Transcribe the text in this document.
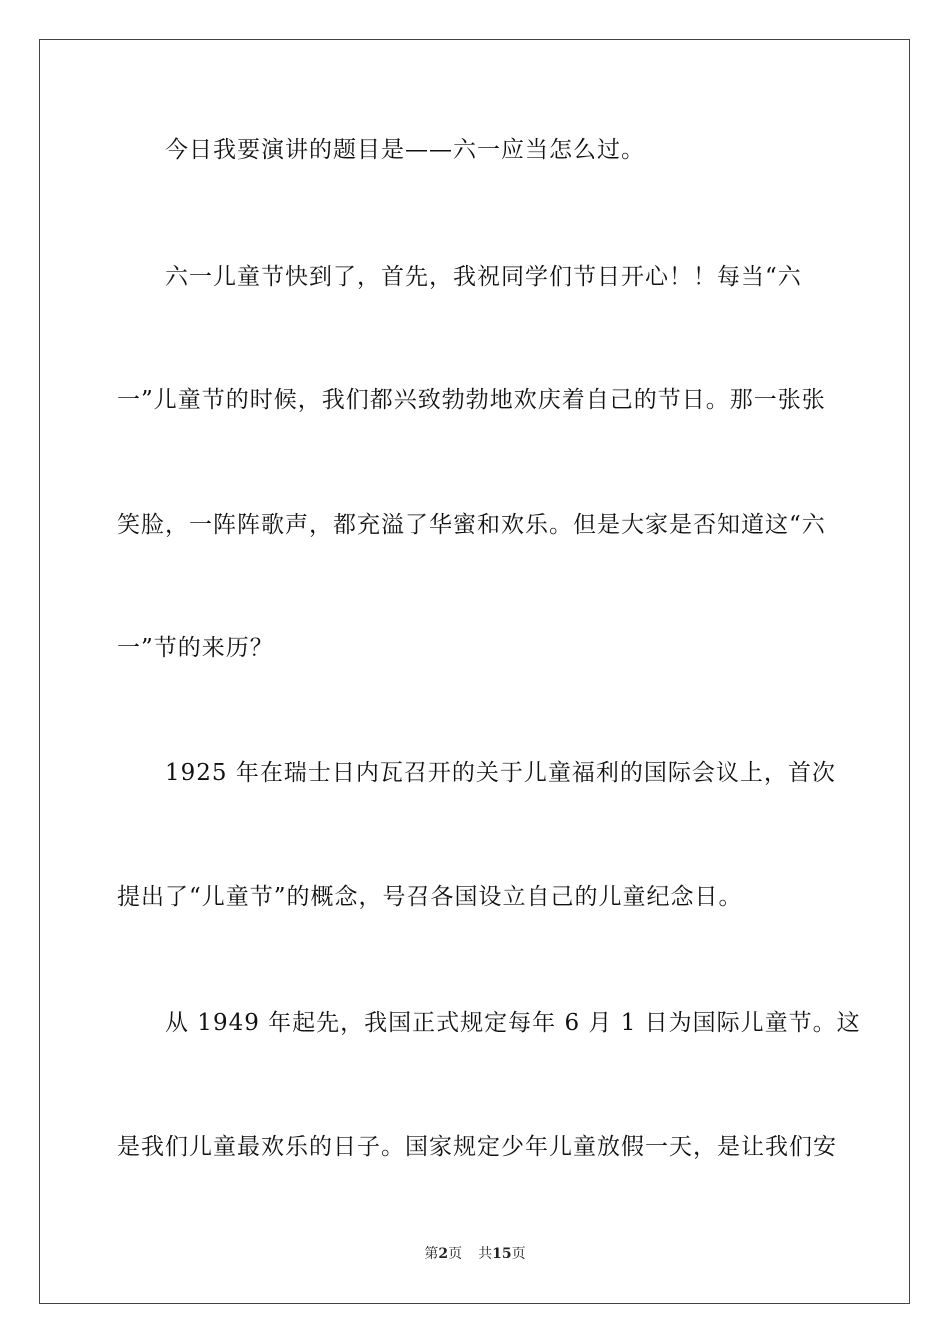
今日我要演讲的题目是——六一应当怎么过。
六一儿童节快到了，首先，我祝同学们节日开心！！每当“六
一”儿童节的时候，我们都兴致勃勃地欢庆着自己的节日。那一张张
笑脸，一阵阵歌声，都充溢了华蜜和欢乐。但是大家是否知道这“六
一”节的来历？
1925 年在瑞士日内瓦召开的关于儿童福利的国际会议上，首次
提出了“儿童节”的概念，号召各国设立自己的儿童纪念日。
从 1949 年起先，我国正式规定每年 6 月 1 日为国际儿童节。这
是我们儿童最欢乐的日子。国家规定少年儿童放假一天，是让我们安
第2页 共15页
